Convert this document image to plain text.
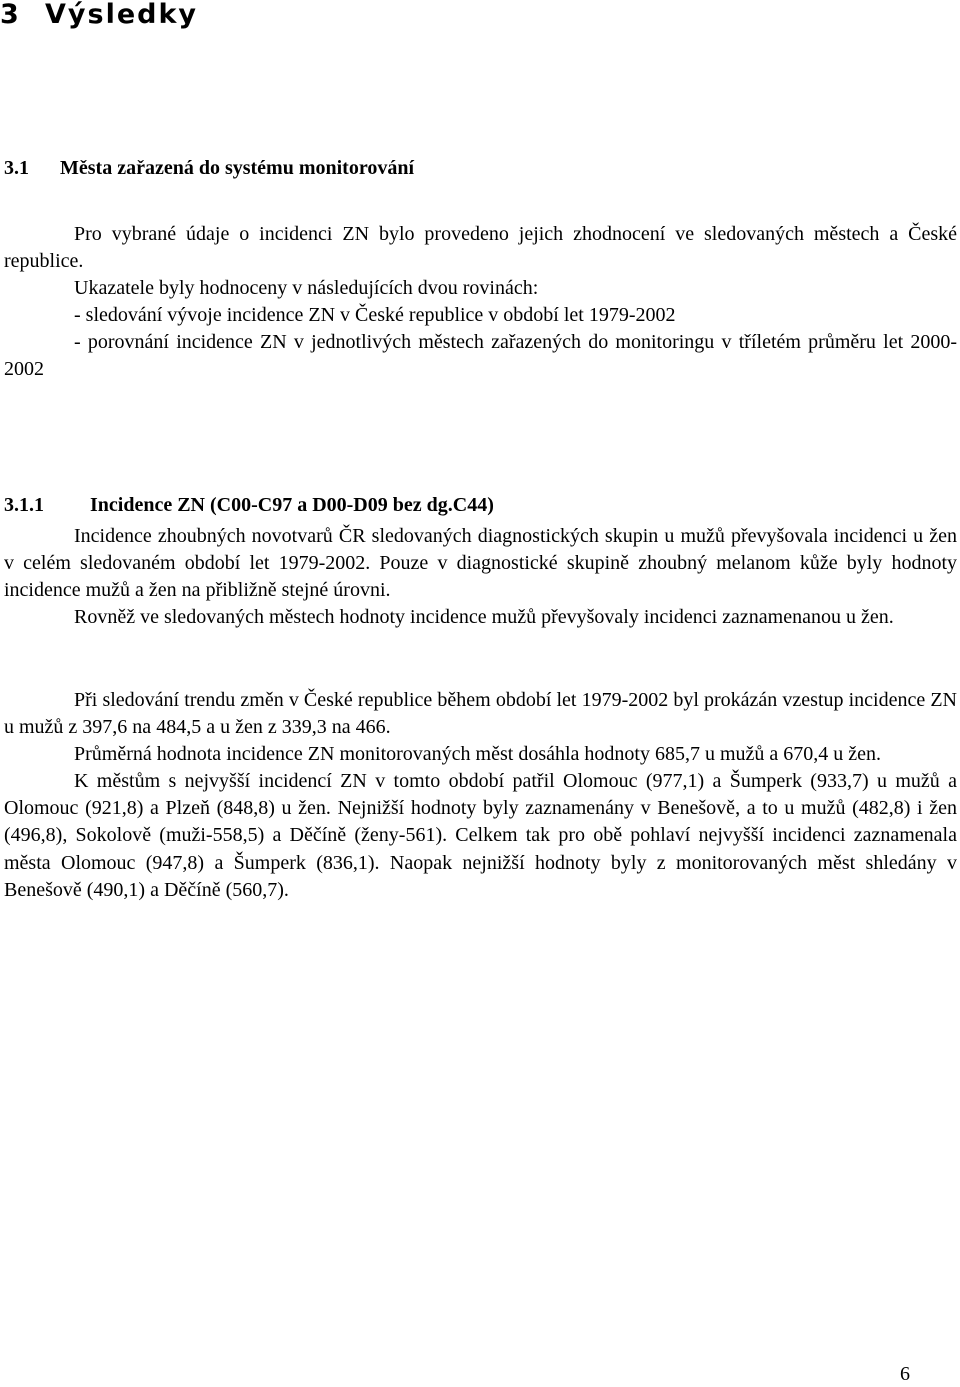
3 Výsledky
3.1 Města zařazená do systému monitorování

Pro vybrané údaje o incidenci ZN bylo provedeno jejich zhodnocení ve sledovaných městech a České republice.

Ukazatele byly hodnoceny v následujících dvou rovinách:

- sledování vývoje incidence ZN v České republice v období let 1979-2002

- porovnání incidence ZN v jednotlivých městech zařazených do monitoringu v tříletém průměru let 2000-2002

3.1.1 Incidence ZN (C00-C97 a D00-D09 bez dg.C44)

Incidence zhoubných novotvarů ČR sledovaných diagnostických skupin u mužů převyšovala incidenci u žen v celém sledovaném období let 1979-2002. Pouze v diagnostické skupině zhoubný melanom kůže byly hodnoty incidence mužů a žen na přibližně stejné úrovni.

Rovněž ve sledovaných městech hodnoty incidence mužů převyšovaly incidenci zaznamenanou u žen.

Při sledování trendu změn v České republice během období let 1979-2002 byl prokázán vzestup incidence ZN u mužů z 397,6 na 484,5 a u žen z 339,3 na 466.

Průměrná hodnota incidence ZN monitorovaných měst dosáhla hodnoty 685,7 u mužů a 670,4 u žen.

K městům s nejvyšší incidencí ZN v tomto období patřil Olomouc (977,1) a Šumperk (933,7) u mužů a Olomouc (921,8) a Plzeň (848,8) u žen. Nejnižší hodnoty byly zaznamenány v Benešově, a to u mužů (482,8) i žen (496,8), Sokolově (muži-558,5) a Děčíně (ženy-561). Celkem tak pro obě pohlaví nejvyšší incidenci zaznamenala města Olomouc (947,8) a Šumperk (836,1). Naopak nejnižší hodnoty byly z monitorovaných měst shledány v Benešově (490,1) a Děčíně (560,7).

6
